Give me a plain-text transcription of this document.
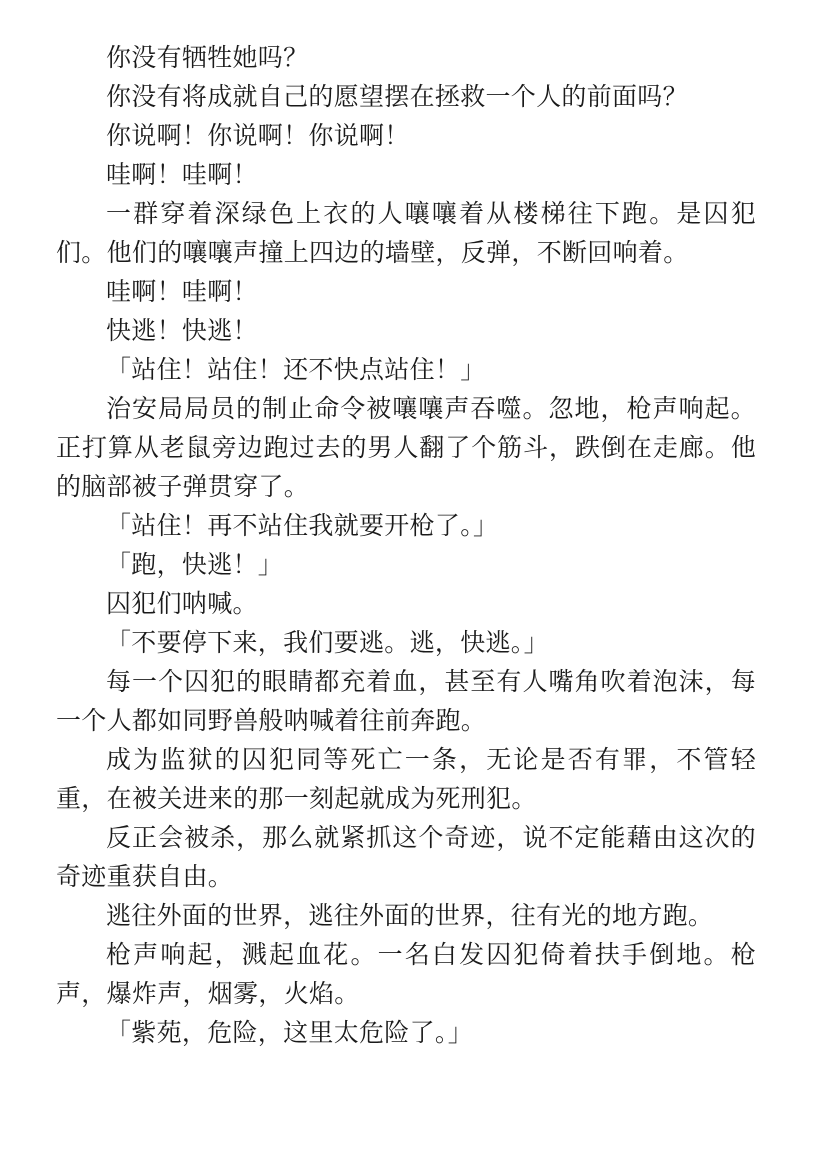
你没有牺牲她吗？

你没有将成就自己的愿望摆在拯救一个人的前面吗？

你说啊！你说啊！你说啊！

哇啊！哇啊！

一群穿着深绿色上衣的人嚷嚷着从楼梯往下跑。是囚犯们。他们的嚷嚷声撞上四边的墙壁，反弹，不断回响着。

哇啊！哇啊！

快逃！快逃！

「站住！站住！还不快点站住！」

治安局局员的制止命令被嚷嚷声吞噬。忽地，枪声响起。正打算从老鼠旁边跑过去的男人翻了个筋斗，跌倒在走廊。他的脑部被子弹贯穿了。

「站住！再不站住我就要开枪了。」

「跑，快逃！」

囚犯们呐喊。

「不要停下来，我们要逃。逃，快逃。」

每一个囚犯的眼睛都充着血，甚至有人嘴角吹着泡沫，每一个人都如同野兽般呐喊着往前奔跑。

成为监狱的囚犯同等死亡一条，无论是否有罪，不管轻重，在被关进来的那一刻起就成为死刑犯。

反正会被杀，那么就紧抓这个奇迹，说不定能藉由这次的奇迹重获自由。

逃往外面的世界，逃往外面的世界，往有光的地方跑。

枪声响起，溅起血花。一名白发囚犯倚着扶手倒地。枪声，爆炸声，烟雾，火焰。

「紫苑，危险，这里太危险了。」
